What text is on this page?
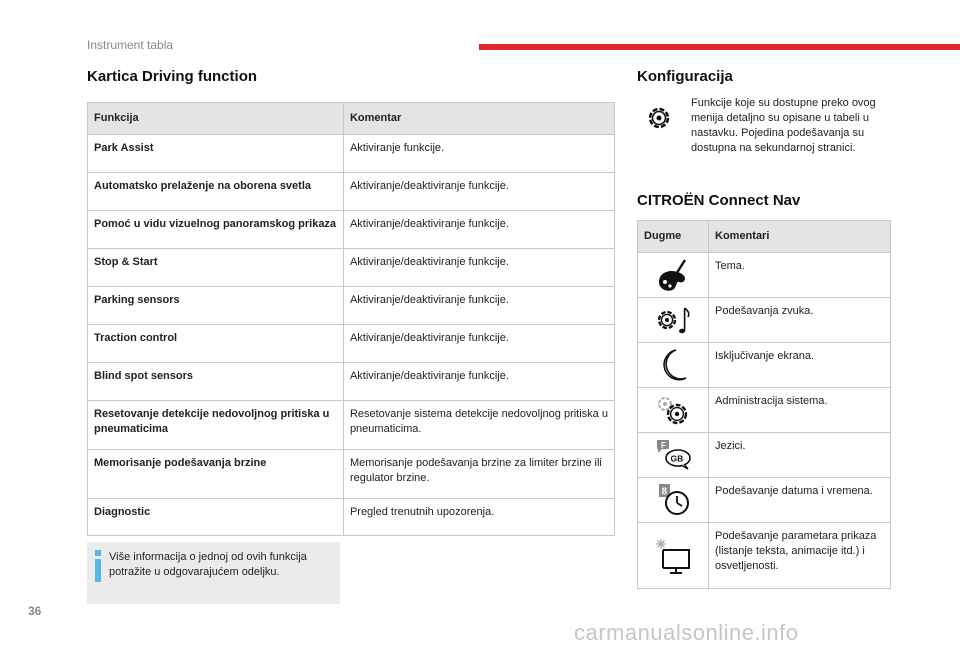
Instrument tabla
Kartica Driving function
Funkcija	Komentar
Park Assist	Aktiviranje funkcije.
Automatsko prelaženje na oborena svetla	Aktiviranje/deaktiviranje funkcije.
Pomoć u vidu vizuelnog panoramskog prikaza	Aktiviranje/deaktiviranje funkcije.
Stop & Start	Aktiviranje/deaktiviranje funkcije.
Parking sensors	Aktiviranje/deaktiviranje funkcije.
Traction control	Aktiviranje/deaktiviranje funkcije.
Blind spot sensors	Aktiviranje/deaktiviranje funkcije.
Resetovanje detekcije nedovoljnog pritiska u pneumaticima	Resetovanje sistema detekcije nedovoljnog pritiska u pneumaticima.
Memorisanje podešavanja brzine	Memorisanje podešavanja brzine za limiter brzine ili regulator brzine.
Diagnostic	Pregled trenutnih upozorenja.
Više informacija o jednoj od ovih funkcija potražite u odgovarajućem odeljku.
Konfiguracija
Funkcije koje su dostupne preko ovog menija detaljno su opisane u tabeli u nastavku. Pojedina podešavanja su dostupna na sekundarnoj stranici.
CITROËN Connect Nav
Dugme	Komentari

	Tema.

	Podešavanja zvuka.

	Isključivanje ekrana.

	Administracija sistema.

F
GB	Jezici.

8	Podešavanje datuma i vremena.

	Podešavanje parametara prikaza (listanje teksta, animacije itd.) i osvetljenosti.
36
carmanualsonline.info
